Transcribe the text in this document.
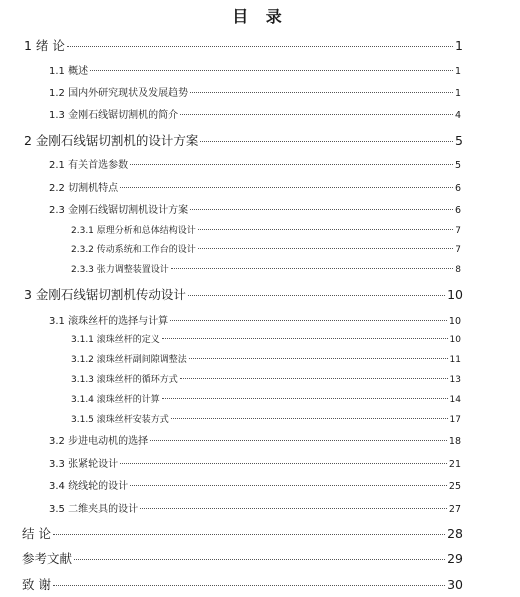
目 录
1 绪 论	1
1.1 概述	1
1.2 国内外研究现状及发展趋势	1
1.3 金刚石线锯切割机的简介	4
2 金刚石线锯切割机的设计方案	5
2.1 有关首选参数	5
2.2 切割机特点	6
2.3 金刚石线锯切割机设计方案	6
2.3.1 原理分析和总体结构设计	7
2.3.2 传动系统和工作台的设计	7
2.3.3 张力调整装置设计	8
3 金刚石线锯切割机传动设计	10
3.1 滚珠丝杆的选择与计算	10
3.1.1 滚珠丝杆的定义	10
3.1.2 滚珠丝杆副间隙调整法	11
3.1.3 滚珠丝杆的循环方式	13
3.1.4 滚珠丝杆的计算	14
3.1.5 滚珠丝杆安装方式	17
3.2 步进电动机的选择	18
3.3 张紧轮设计	21
3.4 绕线轮的设计	25
3.5 二维夹具的设计	27
结 论	28
参考文献	29
致 谢	30
